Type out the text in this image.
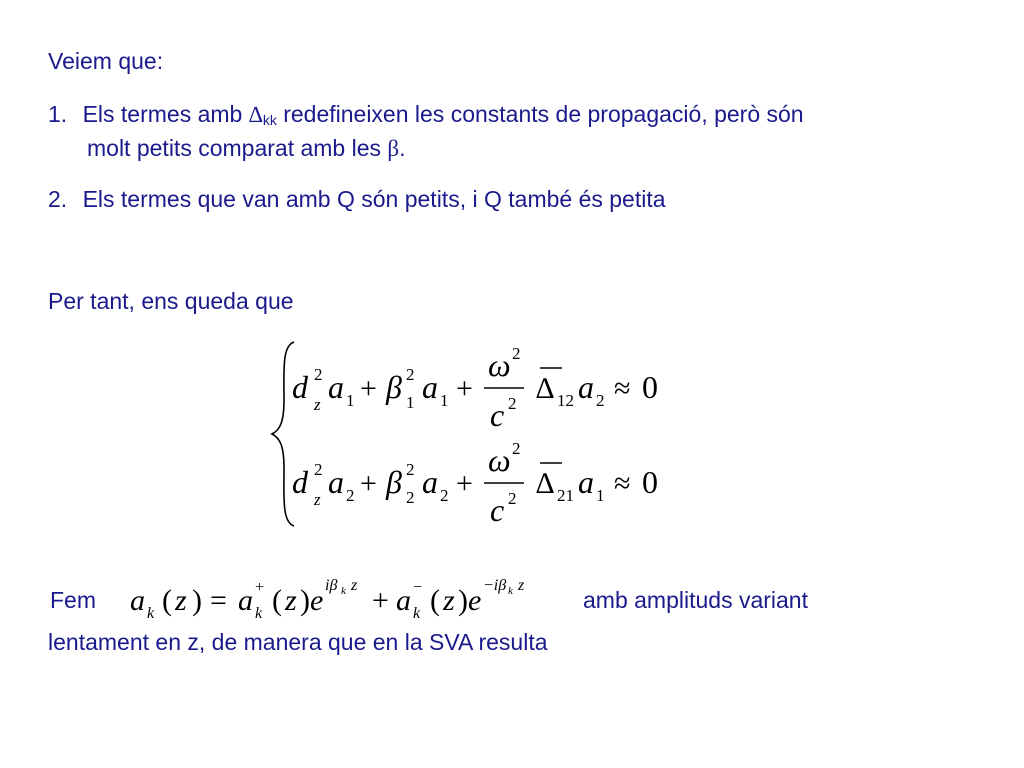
Veiem que:
1. Els termes amb $\Delta_{kk}$ redefineixen les constants de propagació, però són
molt petits comparat amb les β.
2. Els termes que van amb Q són petits, i Q també és petita
Per tant, ens queda que
d 2
z a 1 + β 2
1 a 1 +
ω 2
c 2 ∆ 12 a 2 ≈ 0
d 2
z a 2 + β 2
2 a 2 +
ω 2
c 2 ∆ 21 a 1 ≈ 0
Fem a k ( z ) = a +
k ( z ) e iβ k z + a −
k ( z ) e −iβ k z
amb amplituds variant
lentament en z, de manera que en la SVA resulta
